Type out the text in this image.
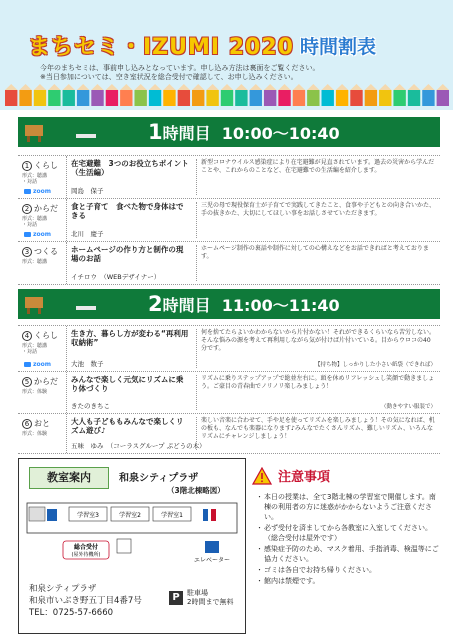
まちセミ・IZUMI 2020 時間割表
今年のまちセミは、事前申し込みとなっています。申し込み方法は裏面をご覧ください。
※当日参加については、空き室状況を総合受付で確認して、お申し込みください。
1時間目 10:00〜10:40
1 くらし
形式：聴講
・対話
zoom
在宅避難　3つのお役立ちポイント（生活編）
岡島　保子
新型コロナウイルス感染症により在宅避難が見直されています。過去の災害から学んだことや、これからのことなど、在宅避難での生活編を紹介します。
2 からだ
形式：聴講
・対話
zoom
食と子育て　食べた物で身体はできる
北川　慶子
三児の母で現役保育士が子育てで実践してきたこと、食事や子どもとの向き合いかた、手の抜きかた、大切にしてほしい事をお話しさせていただきます。
3 つくる
形式：聴講
ホームページの作り方と制作の現場のお話
イチロウ　（WEBデザイナー）
ホームページ制作の裏話や制作に対しての心構えなどをお話できればと考えております。
2時間目 11:00〜11:40
4 くらし
形式：聴講
・対話
zoom
生き方、暮らし方が変わる“再利用収納術”
大池　数子
何を捨てたらよいかわからないから片付かない！それができるくらいなら苦労しない。そんな悩みの源を考えて再利用しながら気が付けば片付いている。目からウロコの40分です。
【持ち物】しっかりした小さい紙袋（できれば）
5 からだ
形式：体験
みんなで楽しく元気にリズムに乗り体づくり
きたのきちこ
リズムに乗りステップアップで総並左右に。頭を休めリフレッシュし笑顔で動きましょう。ご豪目の青春曲でノリノリ楽しみましょう！
（動きやすい服装で）
6 おと
形式：体験
大人も子どももみんなで楽しくリズム遊び♪
五味　ゆみ　（コーラスグループ ぷどうの木）
楽しい音楽に合わせて、手や足を使ってリズムを楽しみましょう！その気になれば、机の板も、なんでも楽器になります♪みんなでたくさんリズム、難しいリズム、いろんなリズムにチャレンジしましょう！
教室案内	和泉シティプラザ
（3階北棟略図）
学習室3	学習室2	学習室1
総合受付
(屋外待機所)
エレベーター
和泉シティプラザ
和泉市いぶき野五丁目4番7号
TEL：0725-57-6660
P	駐車場
2時間まで無料
注意事項
・ 本日の授業は、全て3階北棟の学習室で開催します。南棟の利用者の方に迷惑がかからないようご注意ください。
・ 必ず受付を済ましてから各教室に入室してください。（総合受付は屋外です）
・ 感染症予防のため、マスク着用、手指消毒、検温等にご協力ください。
・ ゴミは各自でお持ち帰りください。
・ 館内は禁煙です。
